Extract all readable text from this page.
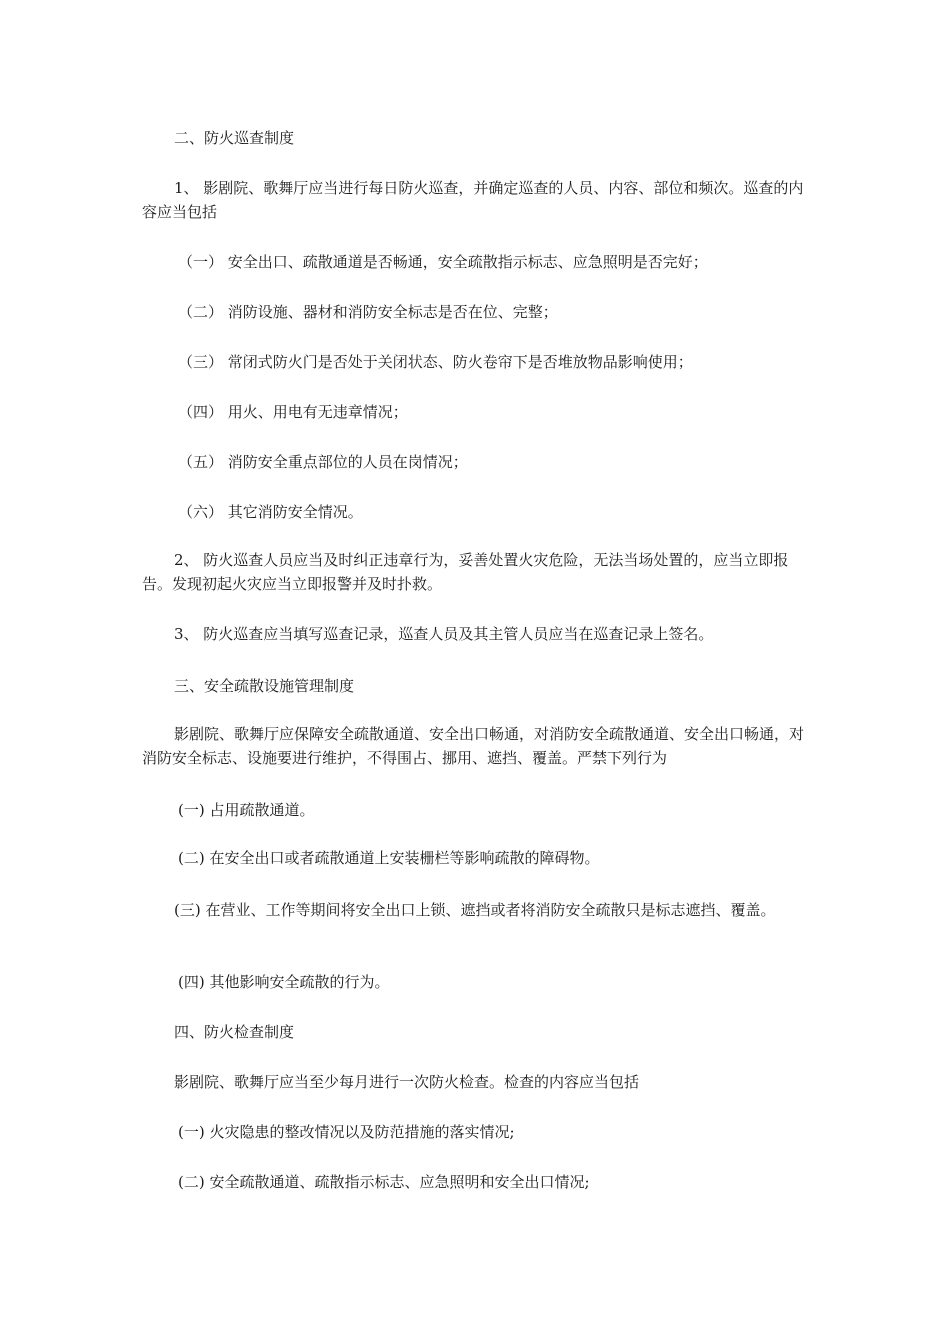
二、防火巡查制度

1、 影剧院、歌舞厅应当进行每日防火巡查，并确定巡查的人员、内容、部位和频次。巡查的内容应当包括

（一） 安全出口、疏散通道是否畅通，安全疏散指示标志、应急照明是否完好；

（二） 消防设施、器材和消防安全标志是否在位、完整；

（三） 常闭式防火门是否处于关闭状态、防火卷帘下是否堆放物品影响使用；

（四） 用火、用电有无违章情况；

（五） 消防安全重点部位的人员在岗情况；

（六） 其它消防安全情况。

2、 防火巡查人员应当及时纠正违章行为，妥善处置火灾危险，无法当场处置的，应当立即报告。发现初起火灾应当立即报警并及时扑救。

3、 防火巡查应当填写巡查记录，巡查人员及其主管人员应当在巡查记录上签名。

三、安全疏散设施管理制度

影剧院、歌舞厅应保障安全疏散通道、安全出口畅通，对消防安全疏散通道、安全出口畅通，对消防安全标志、设施要进行维护，不得围占、挪用、遮挡、覆盖。严禁下列行为

(一) 占用疏散通道。

(二) 在安全出口或者疏散通道上安装栅栏等影响疏散的障碍物。

(三) 在营业、工作等期间将安全出口上锁、遮挡或者将消防安全疏散只是标志遮挡、覆盖。

(四) 其他影响安全疏散的行为。

四、防火检查制度

影剧院、歌舞厅应当至少每月进行一次防火检查。检查的内容应当包括

(一) 火灾隐患的整改情况以及防范措施的落实情况;

(二) 安全疏散通道、疏散指示标志、应急照明和安全出口情况;
